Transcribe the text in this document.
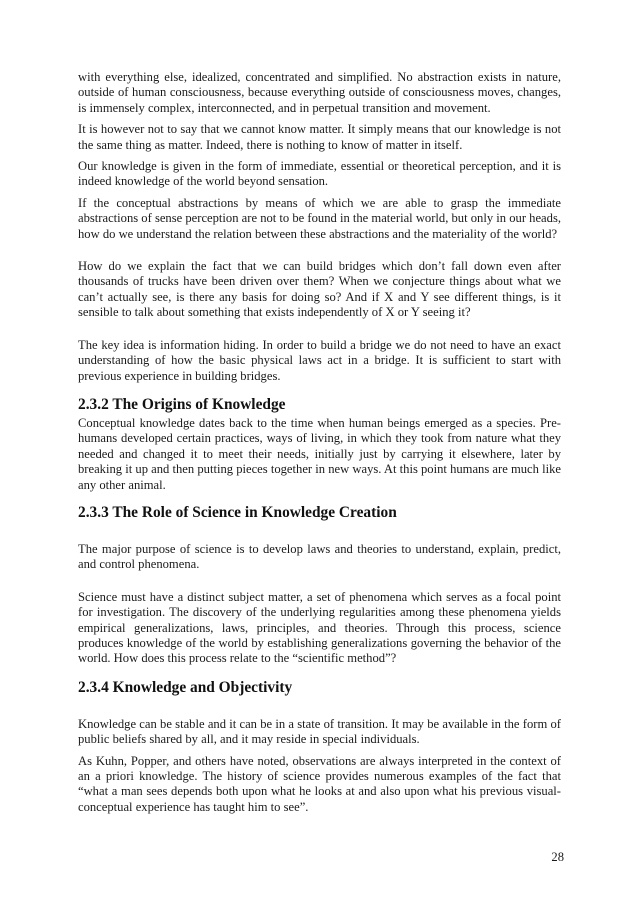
with everything else, idealized, concentrated and simplified. No abstraction exists in nature, outside of human consciousness, because everything outside of consciousness moves, changes, is immensely complex, interconnected, and in perpetual transition and movement.

It is however not to say that we cannot know matter. It simply means that our knowledge is not the same thing as matter. Indeed, there is nothing to know of matter in itself.

Our knowledge is given in the form of immediate, essential or theoretical perception, and it is indeed knowledge of the world beyond sensation.

If the conceptual abstractions by means of which we are able to grasp the immediate abstractions of sense perception are not to be found in the material world, but only in our heads, how do we understand the relation between these abstractions and the materiality of the world?

How do we explain the fact that we can build bridges which don’t fall down even after thousands of trucks have been driven over them? When we conjecture things about what we can’t actually see, is there any basis for doing so? And if X and Y see different things, is it sensible to talk about something that exists independently of X or Y seeing it?

The key idea is information hiding. In order to build a bridge we do not need to have an exact understanding of how the basic physical laws act in a bridge. It is sufficient to start with previous experience in building bridges.

2.3.2 The Origins of Knowledge

Conceptual knowledge dates back to the time when human beings emerged as a species. Pre-humans developed certain practices, ways of living, in which they took from nature what they needed and changed it to meet their needs, initially just by carrying it elsewhere, later by breaking it up and then putting pieces together in new ways. At this point humans are much like any other animal.

2.3.3 The Role of Science in Knowledge Creation

The major purpose of science is to develop laws and theories to understand, explain, predict, and control phenomena.

Science must have a distinct subject matter, a set of phenomena which serves as a focal point for investigation. The discovery of the underlying regularities among these phenomena yields empirical generalizations, laws, principles, and theories. Through this process, science produces knowledge of the world by establishing generalizations governing the behavior of the world. How does this process relate to the “scientific method”?

2.3.4 Knowledge and Objectivity

Knowledge can be stable and it can be in a state of transition. It may be available in the form of public beliefs shared by all, and it may reside in special individuals.

As Kuhn, Popper, and others have noted, observations are always interpreted in the context of an a priori knowledge. The history of science provides numerous examples of the fact that “what a man sees depends both upon what he looks at and also upon what his previous visual-conceptual experience has taught him to see”.

28
